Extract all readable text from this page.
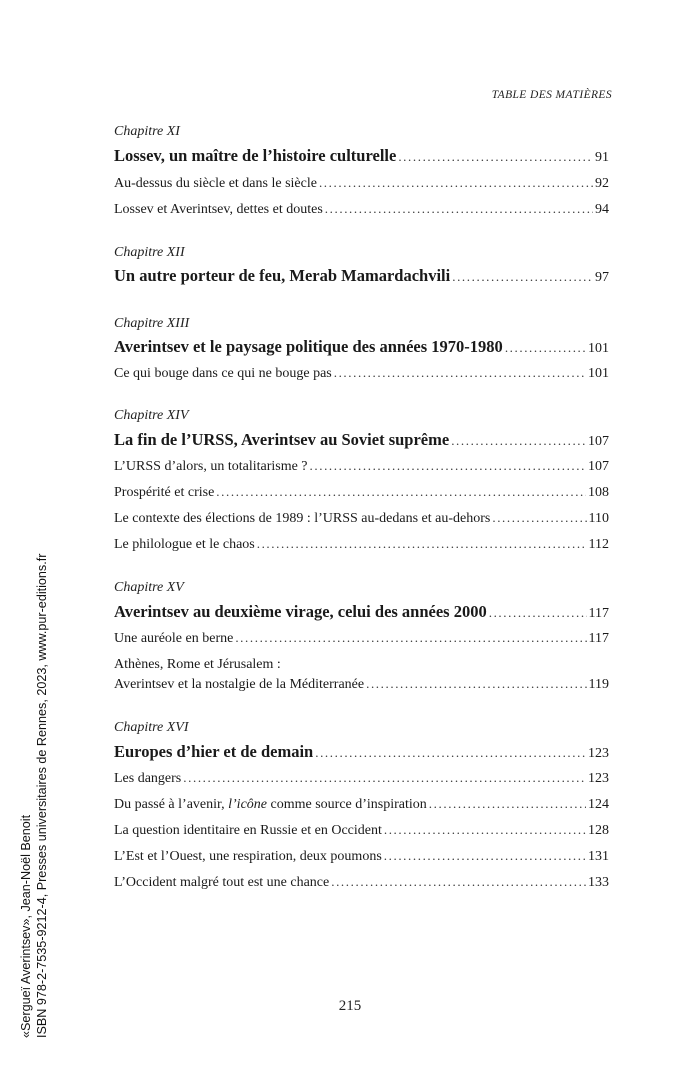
TABLE DES MATIÈRES
Chapitre XI
Lossev, un maître de l’histoire culturelle .....	91
Au-dessus du siècle et dans le siècle .....	92
Lossev et Averintsev, dettes et doutes .....	94
Chapitre XII
Un autre porteur de feu, Merab Mamardachvili .....	97
Chapitre XIII
Averintsev et le paysage politique des années 1970-1980 .....	101
Ce qui bouge dans ce qui ne bouge pas .....	101
Chapitre XIV
La fin de l’URSS, Averintsev au Soviet suprême .....	107
L’URSS d’alors, un totalitarisme ? .....	107
Prospérité et crise .....	108
Le contexte des élections de 1989 : l’URSS au-dedans et au-dehors .....	110
Le philologue et le chaos .....	112
Chapitre XV
Averintsev au deuxième virage, celui des années 2000 .....	117
Une auréole en berne .....	117
Athènes, Rome et Jérusalem :
Averintsev et la nostalgie de la Méditerranée .....	119
Chapitre XVI
Europes d’hier et de demain .....	123
Les dangers .....	123
Du passé à l’avenir, l’icône comme source d’inspiration .....	124
La question identitaire en Russie et en Occident .....	128
L’Est et l’Ouest, une respiration, deux poumons .....	131
L’Occident malgré tout est une chance .....	133
215
«Sergueï Averintsev», Jean-Noël Benoit ISBN 978-2-7535-9212-4, Presses universitaires de Rennes, 2023, www.pur-editions.fr
